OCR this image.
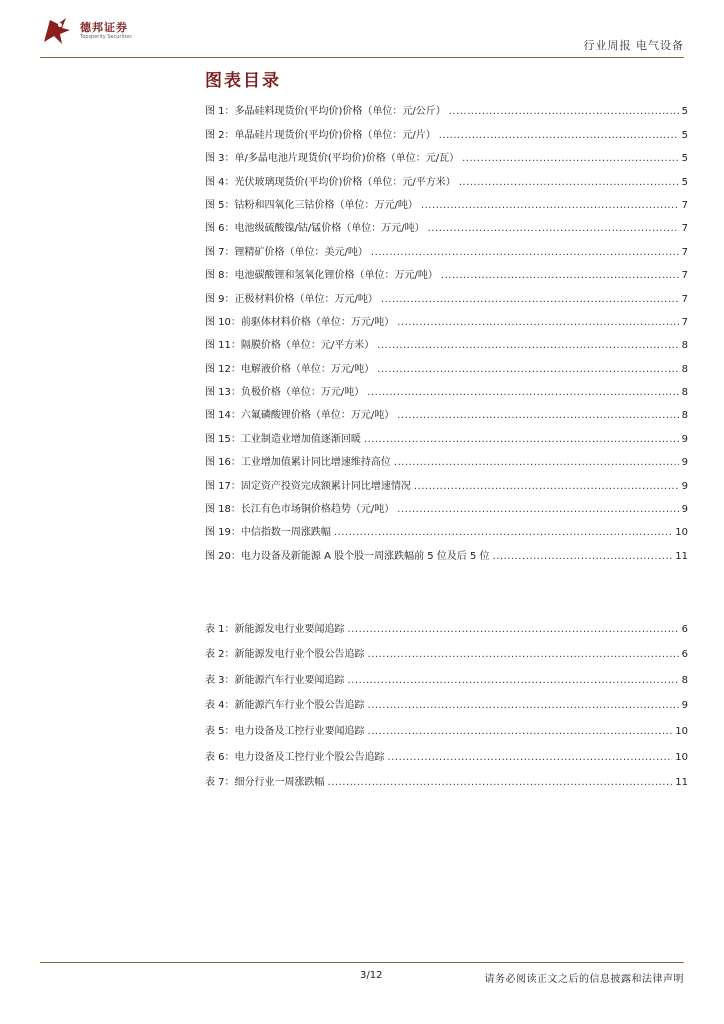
德邦证券
Topsperity Securities
行业周报 电气设备
图表目录
图 1：多晶硅料现货价(平均价)价格（单位：元/公斤） .....	5
图 2：单晶硅片现货价(平均价)价格（单位：元/片） .....	5
图 3：单/多晶电池片现货价(平均价)价格（单位：元/瓦） .....	5
图 4：光伏玻璃现货价(平均价)价格（单位：元/平方米） .....	5
图 5：钴粉和四氧化三钴价格（单位：万元/吨） .....	7
图 6：电池级硫酸镍/钴/锰价格（单位：万元/吨） .....	7
图 7：锂精矿价格（单位：美元/吨） .....	7
图 8：电池碳酸锂和氢氧化锂价格（单位：万元/吨） .....	7
图 9：正极材料价格（单位：万元/吨） .....	7
图 10：前驱体材料价格（单位：万元/吨） .....	7
图 11：隔膜价格（单位：元/平方米） .....	8
图 12：电解液价格（单位：万元/吨） .....	8
图 13：负极价格（单位：万元/吨） .....	8
图 14：六氟磷酸锂价格（单位：万元/吨） .....	8
图 15：工业制造业增加值逐渐回暖 .....	9
图 16：工业增加值累计同比增速维持高位 .....	9
图 17：固定资产投资完成额累计同比增速情况 .....	9
图 18：长江有色市场铜价格趋势（元/吨） .....	9
图 19：中信指数一周涨跌幅 .....	10
图 20：电力设备及新能源 A 股个股一周涨跌幅前 5 位及后 5 位 .....	11
表 1：新能源发电行业要闻追踪 .....	6
表 2：新能源发电行业个股公告追踪 .....	6
表 3：新能源汽车行业要闻追踪 .....	8
表 4：新能源汽车行业个股公告追踪 .....	9
表 5：电力设备及工控行业要闻追踪 .....	10
表 6：电力设备及工控行业个股公告追踪 .....	10
表 7：细分行业一周涨跌幅 .....	11
3/12	请务必阅读正文之后的信息披露和法律声明
